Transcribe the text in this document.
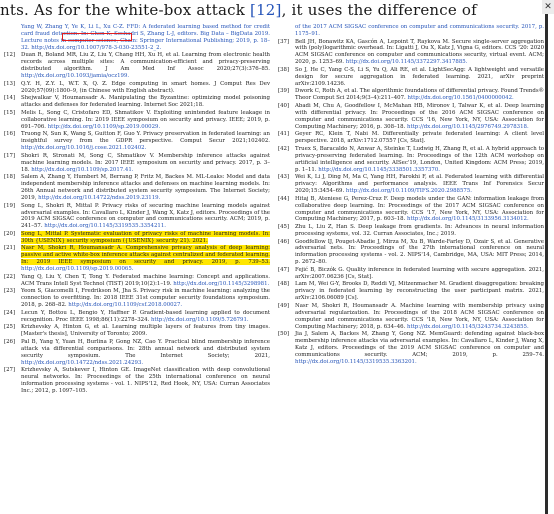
nts. As for the white-box attack [12], it uses the difference of
Yang W, Zhang Y, Ye K, Li L, Xu C-Z. FFD: A federated learning based method for credit card fraud detection. In: Chen K, Seshadri S, Zhang L-J, editors. Big Data – BigData 2019. Lecture notes in computer science, Cham: Springer International Publishing; 2019, p. 18–32. http://dx.doi.org/10.1007/978-3-030-23551-2_2.
[12]	Duan R, Boland MR, Liu Z, Liu Y, Chang HH, Xu H, et al. Learning from electronic health records across multiple sites: A communication-efficient and privacy-preserving distributed algorithm. J Am Med Inf Assoc 2020;27(3):376–85. http://dx.doi.org/10.1093/jamia/ocz199.
[13]	Q.Y. H, Z.Y. L, W.T. X, Q. Z. Edge computing in smart homes. J Comput Res Dev 2020;57(09):1800–9, (in Chinese with English abstract).
[14]	Shejwalkar V, Houmansadr A. Manipulating the Byzantine: optimizing model poisoning attacks and defenses for federated learning. Internet Soc 2021;18.
[15]	Melis L, Song C, Cristofaro ED, Shmatikov V. Exploiting unintended feature leakage in collaborative learning. In: 2019 IEEE symposium on security and privacy. IEEE; 2019, p. 691–706. http://dx.doi.org/10.1109/sp.2019.00029.
[16]	Truong N, Sun K, Wang S, Guitton F, Guo Y. Privacy preservation in federated learning: an insightful survey from the GDPR perspective. Comput Secur 2021;102402. http://dx.doi.org/10.1016/j.cose.2021.102402.
[17]	Shokri R, Stronati M, Song C, Shmatikov V. Membership inference attacks against machine learning models. In: 2017 IEEE symposium on security and privacy. 2017, p. 3–18. http://dx.doi.org/10.1109/sp.2017.41.
[18]	Salem A, Zhang Y, Humbert M, Berrang P, Fritz M, Backes M. ML-Leaks: Model and data independent membership inference attacks and defenses on machine learning models. In: 26th Annual network and distributed system security symposium. The Internet Society; 2019, http://dx.doi.org/10.14722/ndss.2019.23119.
[19]	Song L, Shokri R, Mittal P. Privacy risks of securing machine learning models against adversarial examples. In: Cavallaro L, Kinder J, Wang X, Katz J, editors. Proceedings of the 2019 ACM SIGSAC conference on computer and communications security. ACM; 2019, p. 241–57. http://dx.doi.org/10.1145/3319535.3354211.
[20]	Song L, Mittal P. Systematic evaluation of privacy risks of machine learning models. In: 30th {USENIX} security symposium ({USENIX} security 21). 2021.
[21]	Nasr M, Shokri R, Houmansadr A. Comprehensive privacy analysis of deep learning: passive and active white-box inference attacks against centralized and federated learning. In: 2019 IEEE symposium on security and privacy. 2019, p. 739–53. http://dx.doi.org/10.1109/sp.2019.00065.
[22]	Yang Q, Liu Y, Chen T, Tong Y. Federated machine learning: Concept and applications. ACM Trans Intell Syst Technol (TIST) 2019;10(2):1–19. http://dx.doi.org/10.1145/3298981.
[23]	Yeom S, Giacomelli I, Fredrikson M, Jha S. Privacy risk in machine learning: analyzing the connection to overfitting. In: 2018 IEEE 31st computer security foundations symposium. 2018, p. 268–82. http://dx.doi.org/10.1109/csf.2018.00027.
[24]	Lecun Y, Bottou L, Bengio Y, Haffner P. Gradient-based learning applied to document recognition. Proc IEEE 1998;86(11):2278–324. http://dx.doi.org/10.1109/5.726791.
[25]	Krizhevsky A, Hinton G, et al. Learning multiple layers of features from tiny images. [Master's thesis], University of Toronto; 2009.
[26]	Pal B, Yang Y, Yuan H, Burlina P, Gong NZ, Cao Y. Practical blind membership inference attack via differential comparisons. In: 28th annual network and distributed system security symposium. The Internet Society; 2021, http://dx.doi.org/10.14722/ndss.2021.24293.
[27]	Krizhevsky A, Sutskever I, Hinton GE. ImageNet classification with deep convolutional neural networks. In: Proceedings of the 25th international conference on neural information processing systems - vol. 1. NIPS'12, Red Hook, NY, USA: Curran Associates Inc.; 2012, p. 1097–105.
of the 2017 ACM SIGSAC conference on computer and communications security. 2017, p. 1175–91.
[37]	Bell JH, Bonawitz KA, Gascón A, Lepoint T, Raykova M. Secure single-server aggregation with (poly)logarithmic overhead. In: Ligatti J, Ou X, Katz J, Vigna G, editors. CCS '20: 2020 ACM SIGSAC conference on computer and communications security, virtual event. ACM; 2020, p. 1253–69. http://dx.doi.org/10.1145/3372297.3417885.
[38]	So J, He C, Yang C-S, Li S, Yu Q, Ali RE, et al. LightSecAgg: A lightweight and versatile design for secure aggregation in federated learning. 2021, arXiv preprint arXiv:2109.14236.
[39]	Dwork C, Roth A, et al. The algorithmic foundations of differential privacy. Found Trends® Theor Comput Sci 2014;9(3–4):211–407. http://dx.doi.org/10.1561/0400000042.
[40]	Abadi M, Chu A, Goodfellow I, McMahan HB, Mironov I, Talwar K, et al. Deep learning with differential privacy. In: Proceedings of the 2016 ACM SIGSAC conference on computer and communications security. CCS '16, New York, NY, USA: Association for Computing Machinery; 2016, p. 308–18. http://dx.doi.org/10.1145/2976749.2978318.
[41]	Geyer RC, Klein T, Nabi M. Differentially private federated learning: A client level perspective. 2018, arXiv:1712.07557 [Cs, Stat].
[42]	Truex S, Baracaldo N, Anwar A, Steinke T, Ludwig H, Zhang R, et al. A hybrid approach to privacy-preserving federated learning. In: Proceedings of the 12th ACM workshop on artificial intelligence and security. AISec'19, London, United Kingdom: ACM Press; 2019, p. 1–11. http://dx.doi.org/10.1145/3338501.3357370.
[43]	Wei K, Li J, Ding M, Ma C, Yang HH, Farokhi F, et al. Federated learning with differential privacy: Algorithms and performance analysis. IEEE Trans Inf Forensics Secur 2020;15:3454–69. http://dx.doi.org/10.1109/TIFS.2020.2988575.
[44]	Hitaj B, Ateniese G, Perez-Cruz F. Deep models under the GAN: information leakage from collaborative deep learning. In: Proceedings of the 2017 ACM SIGSAC conference on computer and communications security. CCS '17, New York, NY, USA: Association for Computing Machinery; 2017, p. 603–18. http://dx.doi.org/10.1145/3133956.3134012.
[45]	Zhu L, Liu Z, Han S. Deep leakage from gradients. In: Advances in neural information processing systems, vol. 32. Curran Associates, Inc.; 2019.
[46]	Goodfellow IJ, Pouget-Abadie J, Mirza M, Xu B, Warde-Farley D, Ozair S, et al. Generative adversarial nets. In: Proceedings of the 27th international conference on neural information processing systems - vol. 2. NIPS'14, Cambridge, MA, USA: MIT Press; 2014, p. 2672–80.
[47]	Fejić B, Biczók G. Quality inference in federated learning with secure aggregation. 2021, arXiv:2007.06236 [Cs, Stat].
[48]	Lam M, Wei G-Y, Brooks D, Reddi VJ, Mitzenmacher M. Gradient disaggregation: breaking privacy in federated learning by reconstructing the user participant matrix. 2021, arXiv:2106.06089 [Cs].
[49]	Nasr M, Shokri R, Houmansadr A. Machine learning with membership privacy using adversarial regularization. In: Proceedings of the 2018 ACM SIGSAC conference on computer and communications security. CCS '18, New York, NY, USA: Association for Computing Machinery; 2018, p. 634–46. http://dx.doi.org/10.1145/3243734.3243855.
[50]	Jia J, Salem A, Backes M, Zhang Y, Gong NZ. MemGuard: defending against black-box membership inference attacks via adversarial examples. In: Cavallaro L, Kinder J, Wang X, Katz J, editors. Proceedings of the 2019 ACM SIGSAC conference on computer and communications security. ACM; 2019, p. 259–74. http://dx.doi.org/10.1145/3319535.3363201.
✕
